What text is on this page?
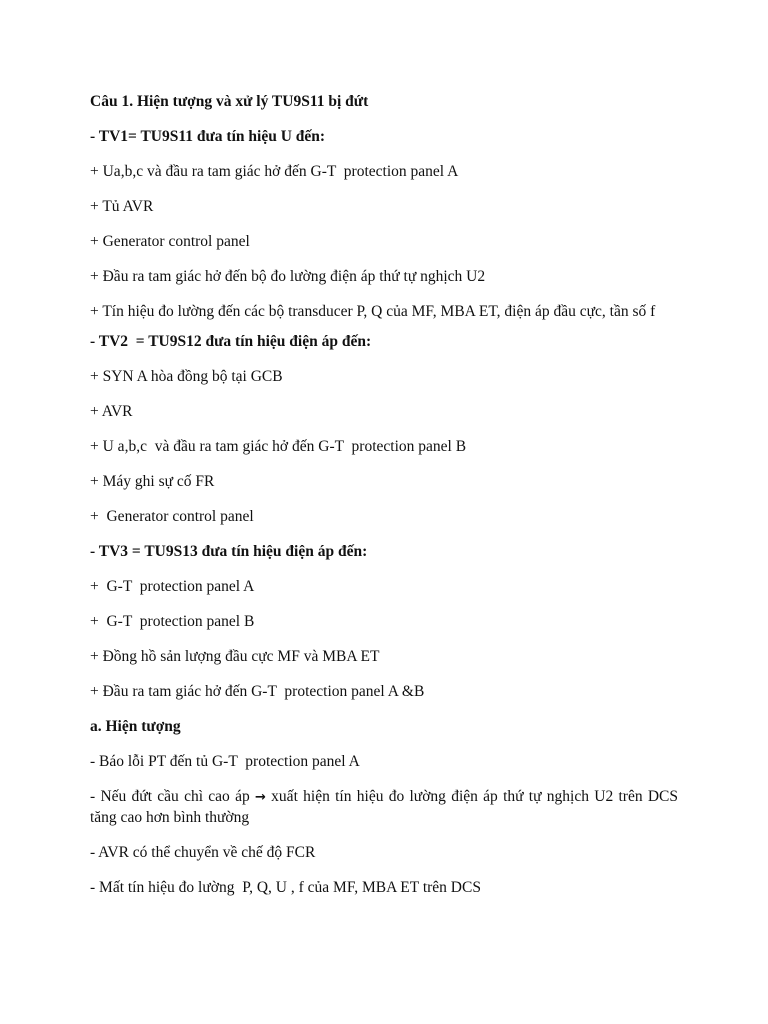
Câu 1. Hiện tượng và xử lý TU9S11 bị đứt

- TV1= TU9S11 đưa tín hiệu U đến:

+ Ua,b,c và đầu ra tam giác hở đến G-T  protection panel A

+ Tủ AVR

+ Generator control panel

+ Đầu ra tam giác hở đến bộ đo lường điện áp thứ tự nghịch U2

+ Tín hiệu đo lường đến các bộ transducer P, Q của MF, MBA ET, điện áp đầu cực, tần số f

- TV2  = TU9S12 đưa tín hiệu điện áp đến:

+ SYN A hòa đồng bộ tại GCB

+ AVR

+ U a,b,c  và đầu ra tam giác hở đến G-T  protection panel B

+ Máy ghi sự cố FR

+  Generator control panel

- TV3 = TU9S13 đưa tín hiệu điện áp đến:

+  G-T  protection panel A

+  G-T  protection panel B

+ Đồng hồ sản lượng đầu cực MF và MBA ET

+ Đầu ra tam giác hở đến G-T  protection panel A &B

a. Hiện tượng

- Báo lỗi PT đến tủ G-T  protection panel A

- Nếu đứt cầu chì cao áp → xuất hiện tín hiệu đo lường điện áp thứ tự nghịch U2 trên DCS tăng cao hơn bình thường

- AVR có thể chuyển về chế độ FCR

- Mất tín hiệu đo lường  P, Q, U , f của MF, MBA ET trên DCS
